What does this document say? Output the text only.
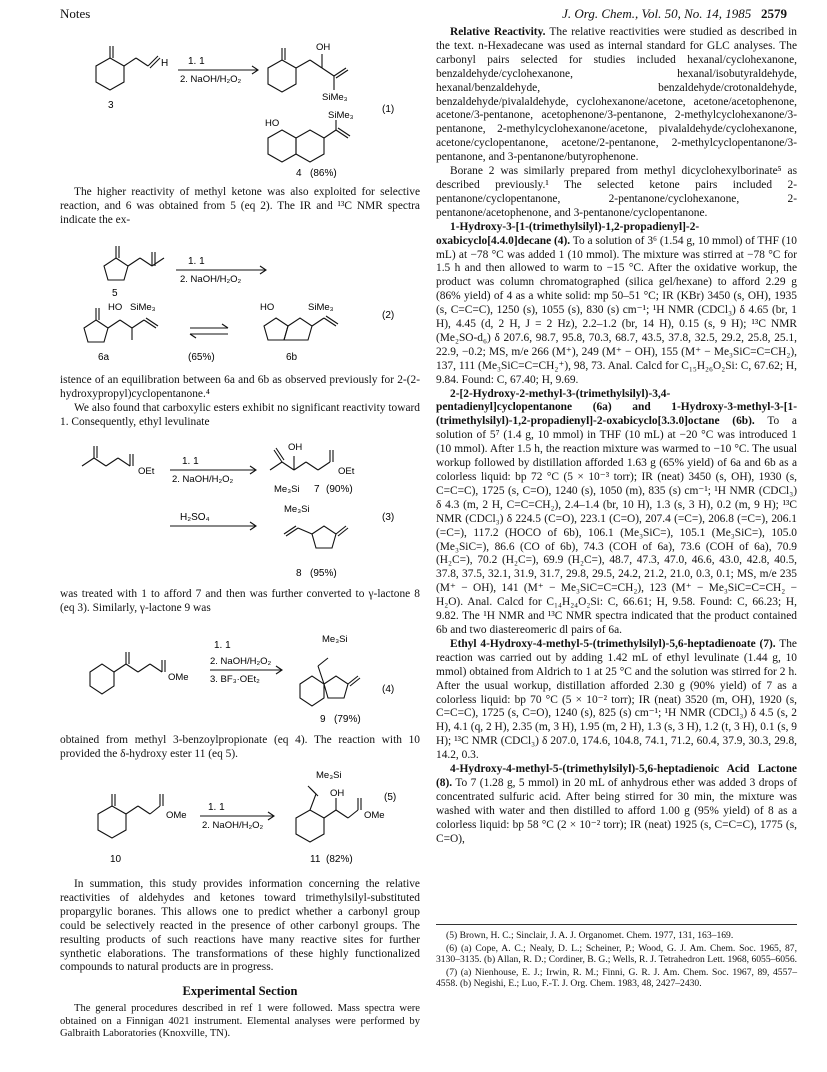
Notes	J. Org. Chem., Vol. 50, No. 14, 1985 2579
H
3
1. 1
2. NaOH/H₂O₂
OH
SiMe₃
(1)
HO
SiMe₃
4 (86%)

The higher reactivity of methyl ketone was also exploited for selective reaction, and 6 was obtained from 5 (eq 2). The IR and ¹³C NMR spectra indicate the ex-

5
1. 1
2. NaOH/H₂O₂
(2)
HO SiMe₃	HO	SiMe₃
6a	(65%)	6b

istence of an equilibration between 6a and 6b as observed previously for 2-(2-hydroxypropyl)cyclopentanone.⁴

We also found that carboxylic esters exhibit no significant reactivity toward 1. Consequently, ethyl levulinate

OEt
1. 1
2. NaOH/H₂O₂
OH
OEt
Me₃Si 7 (90%)
H₂SO₄
Me₃Si
(3)
8 (95%)

was treated with 1 to afford 7 and then was further converted to γ-lactone 8 (eq 3). Similarly, γ-lactone 9 was

OMe
1. 1
2. NaOH/H₂O₂
3. BF₃·OEt₂
Me₃Si
(4)
9 (79%)

obtained from methyl 3-benzoylpropionate (eq 4). The reaction with 10 provided the δ-hydroxy ester 11 (eq 5).

OMe
1. 1
2. NaOH/H₂O₂
Me₃Si
OH
OMe
(5)
10	11 (82%)

In summation, this study provides information concerning the relative reactivities of aldehydes and ketones toward trimethylsilyl-substituted propargylic boranes. This allows one to predict whether a carbonyl group could be selectively reacted in the presence of other carbonyl groups. The resulting products of such reactions have many reactive sites for further synthetic elaborations. The transformations of these highly functionalized compounds to natural products are in progress.

Experimental Section

The general procedures described in ref 1 were followed. Mass spectra were obtained on a Finnigan 4021 instrument. Elemental analyses were performed by Galbraith Laboratories (Knoxville, TN).

Relative Reactivity. The relative reactivities were studied as described in the text. n-Hexadecane was used as internal standard for GLC analyses. The carbonyl pairs selected for studies included hexanal/cyclohexanone, benzaldehyde/cyclohexanone, hexanal/isobutyraldehyde, hexanal/benzaldehyde, benzaldehyde/crotonaldehyde, benzaldehyde/pivalaldehyde, cyclohexanone/acetone, acetone/acetophenone, acetone/3-pentanone, acetophenone/3-pentanone, 2-methylcyclohexanone/3-pentanone, 2-methylcyclohexanone/acetone, pivalaldehyde/cyclohexanone, acetone/cyclopentanone, acetone/2-pentanone, 2-methylcyclopentanone/3-pentanone, and 3-pentanone/butyrophenone.

Borane 2 was similarly prepared from methyl dicyclohexylborinate⁵ as described previously.¹ The selected ketone pairs included 2-pentanone/cyclopentanone, 2-pentanone/cyclohexanone, 2-pentanone/acetophenone, and 3-pentanone/cyclopentanone.

1-Hydroxy-3-[1-(trimethylsilyl)-1,2-propadienyl]-2-oxabicyclo[4.4.0]decane (4). To a solution of 3⁶ (1.54 g, 10 mmol) of THF (10 mL) at −78 °C was added 1 (10 mmol). The mixture was stirred at −78 °C for 1.5 h and then allowed to warm to −15 °C. After the oxidative workup, the product was column chromatographed (silica gel/hexane) to afford 2.29 g (86% yield) of 4 as a white solid: mp 50–51 °C; IR (KBr) 3450 (s, OH), 1935 (s, C=C=C), 1250 (s), 1055 (s), 830 (s) cm⁻¹; ¹H NMR (CDCl₃) δ 4.65 (br, 1 H), 4.45 (d, 2 H, J = 2 Hz), 2.2–1.2 (br, 14 H), 0.15 (s, 9 H); ¹³C NMR (Me₂SO-d₆) δ 207.6, 98.7, 95.8, 70.3, 68.7, 43.5, 37.8, 32.5, 29.2, 25.8, 25.1, 22.9, −0.2; MS, m/e 266 (M⁺), 249 (M⁺ − OH), 155 (M⁺ − Me₃SiC=C=CH₂), 137, 111 (Me₃SiC=C=CH₂⁺), 98, 73. Anal. Calcd for C₁₅H₂₆O₂Si: C, 67.62; H, 9.84. Found: C, 67.40; H, 9.69.

2-[2-Hydroxy-2-methyl-3-(trimethylsilyl)-3,4-pentadienyl]cyclopentanone (6a) and 1-Hydroxy-3-methyl-3-[1-(trimethylsilyl)-1,2-propadienyl]-2-oxabicyclo[3.3.0]octane (6b). To a solution of 5⁷ (1.4 g, 10 mmol) in THF (10 mL) at −20 °C was introduced 1 (10 mmol). After 1.5 h, the reaction mixture was warmed to −10 °C. The usual workup followed by distillation afforded 1.63 g (65% yield) of 6a and 6b as a colorless liquid: bp 72 °C (5 × 10⁻³ torr); IR (neat) 3450 (s, OH), 1930 (s, C=C=C), 1725 (s, C=O), 1240 (s), 1050 (m), 835 (s) cm⁻¹; ¹H NMR (CDCl₃) δ 4.3 (m, 2 H, C=C=CH₂), 2.4–1.4 (br, 10 H), 1.3 (s, 3 H), 0.2 (m, 9 H); ¹³C NMR (CDCl₃) δ 224.5 (C=O), 223.1 (C=O), 207.4 (=C=), 206.8 (=C=), 206.1 (=C=), 117.2 (HOCO of 6b), 106.1 (Me₃SiC=), 105.1 (Me₃SiC=), 105.0 (Me₃SiC=), 86.6 (CO of 6b), 74.3 (COH of 6a), 73.6 (COH of 6a), 70.9 (H₂C=), 70.2 (H₂C=), 69.9 (H₂C=), 48.7, 47.3, 47.0, 46.6, 43.0, 42.8, 40.5, 37.8, 37.5, 32.1, 31.9, 31.7, 29.8, 29.5, 24.2, 21.2, 21.0, 0.3, 0.1; MS, m/e 235 (M⁺ − OH), 141 (M⁺ − Me₃SiC=C=CH₂), 123 (M⁺ − Me₃SiC=C=CH₂ − H₂O). Anal. Calcd for C₁₄H₂₄O₂Si: C, 66.61; H, 9.58. Found: C, 66.23; H, 9.82. The ¹H NMR and ¹³C NMR spectra indicated that the product contained 6b and two diastereomeric dl pairs of 6a.

Ethyl 4-Hydroxy-4-methyl-5-(trimethylsilyl)-5,6-heptadienoate (7). The reaction was carried out by adding 1.42 mL of ethyl levulinate (1.44 g, 10 mmol) obtained from Aldrich to 1 at 25 °C and the solution was stirred for 2 h. After the usual workup, distillation afforded 2.30 g (90% yield) of 7 as a colorless liquid: bp 70 °C (5 × 10⁻² torr); IR (neat) 3520 (m, OH), 1920 (s, C=C=C), 1725 (s, C=O), 1240 (s), 825 (s) cm⁻¹; ¹H NMR (CDCl₃) δ 4.5 (s, 2 H), 4.1 (q, 2 H), 2.35 (m, 3 H), 1.95 (m, 2 H), 1.3 (s, 3 H), 1.2 (t, 3 H), 0.1 (s, 9 H); ¹³C NMR (CDCl₃) δ 207.0, 174.6, 104.8, 74.1, 71.2, 60.4, 37.9, 30.3, 29.8, 14.2, 0.3.

4-Hydroxy-4-methyl-5-(trimethylsilyl)-5,6-heptadienoic Acid Lactone (8). To 7 (1.28 g, 5 mmol) in 20 mL of anhydrous ether was added 3 drops of concentrated sulfuric acid. After being stirred for 30 min, the mixture was washed with water and then distilled to afford 1.00 g (95% yield) of 8 as a colorless liquid: bp 58 °C (2 × 10⁻² torr); IR (neat) 1925 (s, C=C=C), 1775 (s, C=O),

(5) Brown, H. C.; Sinclair, J. A. J. Organomet. Chem. 1977, 131, 163–169.

(6) (a) Cope, A. C.; Nealy, D. L.; Scheiner, P.; Wood, G. J. Am. Chem. Soc. 1965, 87, 3130–3135. (b) Allan, R. D.; Cordiner, B. G.; Wells, R. J. Tetrahedron Lett. 1968, 6055–6056.

(7) (a) Nienhouse, E. J.; Irwin, R. M.; Finni, G. R. J. Am. Chem. Soc. 1967, 89, 4557–4558. (b) Negishi, E.; Luo, F.-T. J. Org. Chem. 1983, 48, 2427–2430.
